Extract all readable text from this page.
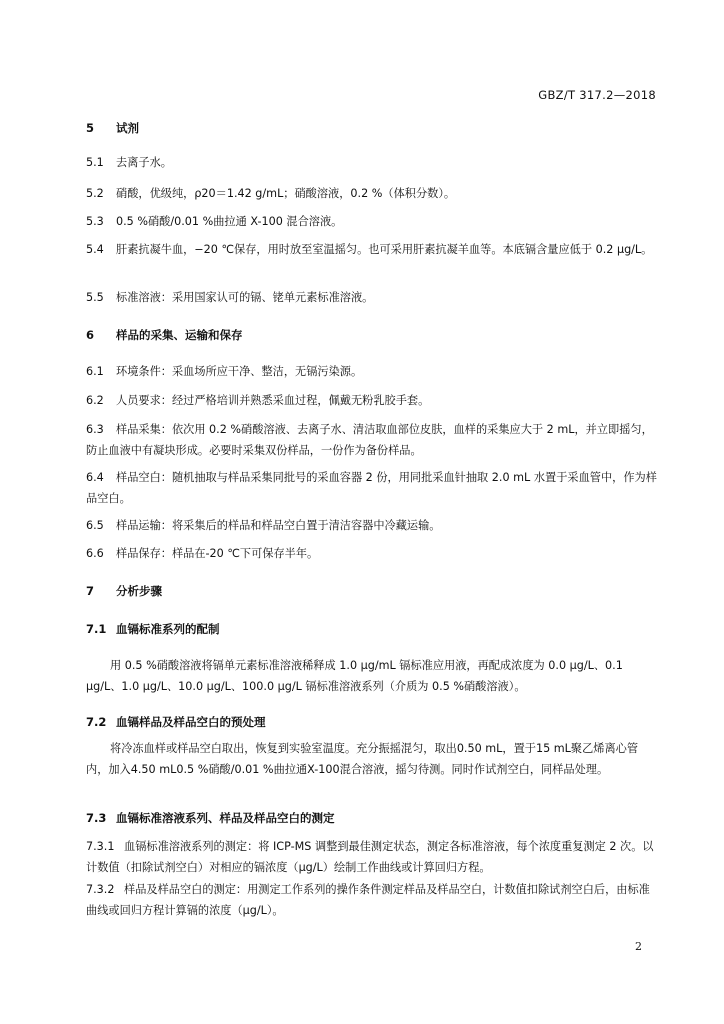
GBZ/T 317.2—2018
5 试剂
5.1 去离子水。
5.2 硝酸，优级纯，ρ20＝1.42 g/mL；硝酸溶液，0.2 %（体积分数）。
5.3 0.5 %硝酸/0.01 %曲拉通 X-100 混合溶液。
5.4 肝素抗凝牛血，−20 ℃保存，用时放至室温摇匀。也可采用肝素抗凝羊血等。本底镉含量应低于 0.2 μg/L。
5.5 标准溶液：采用国家认可的镉、铑单元素标准溶液。
6 样品的采集、运输和保存
6.1 环境条件：采血场所应干净、整洁，无镉污染源。
6.2 人员要求：经过严格培训并熟悉采血过程，佩戴无粉乳胶手套。
6.3 样品采集：依次用 0.2 %硝酸溶液、去离子水、清洁取血部位皮肤，血样的采集应大于 2 mL，并立即摇匀，防止血液中有凝块形成。必要时采集双份样品，一份作为备份样品。
6.4 样品空白：随机抽取与样品采集同批号的采血容器 2 份，用同批采血针抽取 2.0 mL 水置于采血管中，作为样品空白。
6.5 样品运输：将采集后的样品和样品空白置于清洁容器中冷藏运输。
6.6 样品保存：样品在-20 ℃下可保存半年。
7 分析步骤
7.1 血镉标准系列的配制
用 0.5 %硝酸溶液将镉单元素标准溶液稀释成 1.0 μg/mL 镉标准应用液，再配成浓度为 0.0 μg/L、0.1 μg/L、1.0 μg/L、10.0 μg/L、100.0 μg/L 镉标准溶液系列（介质为 0.5 %硝酸溶液）。
7.2 血镉样品及样品空白的预处理
将冷冻血样或样品空白取出，恢复到实验室温度。充分振摇混匀，取出0.50 mL，置于15 mL聚乙烯离心管内，加入4.50 mL0.5 %硝酸/0.01 %曲拉通X-100混合溶液，摇匀待测。同时作试剂空白，同样品处理。
7.3 血镉标准溶液系列、样品及样品空白的测定
7.3.1 血镉标准溶液系列的测定：将 ICP-MS 调整到最佳测定状态，测定各标准溶液，每个浓度重复测定 2 次。以计数值（扣除试剂空白）对相应的镉浓度（μg/L）绘制工作曲线或计算回归方程。
7.3.2 样品及样品空白的测定：用测定工作系列的操作条件测定样品及样品空白，计数值扣除试剂空白后，由标准曲线或回归方程计算镉的浓度（μg/L）。
2
